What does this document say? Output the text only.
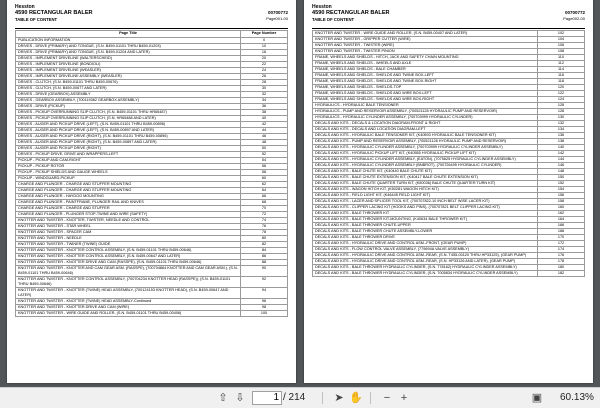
Hesston
4590 RECTANGULAR BALER
TABLE OF CONTENT
00700772
Page001-00
Page Title	Page Number
PUBLICATION INFORMATION	0
DRIVES - DRIVE (PRIMARY) AND TONGUE, (S.N. B459-01101 THRU B459-01203)	10
DRIVES - DRIVE (PRIMARY) AND TONGUE, (S.N. B459-01204 AND LATER)	16
DRIVES - IMPLEMENT DRIVELINE (WALTERSCHEID)	20
DRIVES - IMPLEMENT DRIVELINE (BONDIOLI)	22
DRIVES - IMPLEMENT DRIVELINE (WEASLER)	24
DRIVES - IMPLEMENT DRIVELINE ASSEMBLY (WEASLER)	26
DRIVES - CLUTCH, (S.N. B459-01101 THRU B459-00676)	28
DRIVES - CLUTCH, (S.N. B459-00677 AND LATER)	30
DRIVES - DRIVE (GEARBOX) ASSEMBLY	32
DRIVES - GEARBOX ASSEMBLY, (700119362 GEARBOX ASSEMBLY)	34
DRIVES - DRIVE (PICKUP)	36
DRIVES - PICKUP OVERRUNNING SLIP CLUTCH, (S.N. B459-01101 THRU HR65487)	38
DRIVES - PICKUP OVERRUNNING SLIP CLUTCH, (S.N. HR65488 AND LATER)	40
DRIVES - AUGER AND PICKUP DRIVE (LEFT), (S.N. B459-01101 THRU B459-00896)	42
DRIVES - AUGER AND PICKUP DRIVE (LEFT), (S.N. B459-00897 AND LATER)	44
DRIVES - AUGER AND PICKUP DRIVE (RIGHT), (S.N. B459-01101 THRU B459-00896)	46
DRIVES - AUGER AND PICKUP DRIVE (RIGHT), (S.N. B459-00897 AND LATER)	48
DRIVES - AUGER AND PICKUP DRIVE (RIGHT)	50
DRIVES - PICKUP DRIVE, DRIVE AND WRAPPERS-LEFT	52
PICKUP - PICKUP AND CAM-RIGHT	54
PICKUP - PICKUP ROTOR	56
PICKUP - PICKUP SHIELDS AND GAUGE WHEELS	58
PICKUP - WINDGUARD-PICKUP	60
CHARGE AND PLUNGER - CHARGE AND STUFFER MOUNTING	62
CHARGE AND PLUNGER - CHARGE AND STUFFER MOUNTING	64
CHARGE AND PLUNGER - HAYDOG MOUNTING	66
CHARGE AND PLUNGER - PAINTFRAME, PLUNGER RAIL AND KNIVES	68
CHARGE AND PLUNGER - CHARGE AND STUFFER	70
CHARGE AND PLUNGER - PLUNGER STOP-TWINE AND WIRE (SAFETY)	72
KNOTTER AND TWISTER - KNOTTER, TWISTER, NEEDLE AND CONTROL	74
KNOTTER AND TWISTER - STAR WHEEL	76
KNOTTER AND TWISTER - SPACER CAM	78
KNOTTER AND TWISTER - NEEDLE	80
KNOTTER AND TWISTER - TWINER (TWINE) GUIDE	82
KNOTTER AND TWISTER - KNOTTER CONTROL ASSEMBLY, (S.N. B459-01101 THRU B459-00646)	84
KNOTTER AND TWISTER - KNOTTER CONTROL ASSEMBLY, (S.N. B459-00647 AND LATER)	86
KNOTTER AND TWISTER - KNOTTER DRIVE AND CAM (RASSPE), (S.N. B459-01101 THRU B459-00646)	88
KNOTTER AND TWISTER - KNOTTER AND CAM GEAR ASM. (RASSPE), (700704864 KNOTTER AND CAM GEAR ASM.), (S.N. B459-01101 THRU B459-00646)	90
KNOTTER AND TWISTER - KNOTTER CONTROL ASSEMBLY, (700704234 KNOTTER HEAD (RASSPE)), (S.N. B459-01101 THRU B459-00646)	92
KNOTTER AND TWISTER - KNOTTER (TWINE) HEAD ASSEMBLY, (700124153 KNOTTER HEAD), (S.N. B459-00647 AND LATER)	94
KNOTTER AND TWISTER - KNOTTER (TWINE) HEAD ASSEMBLY-Continued	96
KNOTTER AND TWISTER - KNOTTER DRIVE AND CAM (WIRE)	98
KNOTTER AND TWISTER - WIRE GUIDE AND ROLLER, (S.N. B459-01101 THRU B459-00406)	100
Hesston
4590 RECTANGULAR BALER
TABLE OF CONTENT
00700772
Page002-00
KNOTTER AND TWISTER - WIRE GUIDE AND ROLLER, (S.N. B459-00407 AND LATER)	102
KNOTTER AND TWISTER - GRIPPER CUTTER (WIRE)	104
KNOTTER AND TWISTER - TWISTER (WIRE)	106
KNOTTER AND TWISTER - TWISTER PINION	108
FRAME, WHEELS AND SHIELDS - HITCH, JACK AND SAFETY CHAIN MOUNTING	110
FRAME, WHEELS AND SHIELDS - WHEELS AND AXLE	112
FRAME, WHEELS AND SHIELDS - BALE CHAMBER	114
FRAME, WHEELS AND SHIELDS - SHIELDS AND TWINE BOX-LEFT	116
FRAME, WHEELS AND SHIELDS - SHIELDS AND TWINE BOX-RIGHT	118
FRAME, WHEELS AND SHIELDS - SHIELDS-TOP	120
FRAME, WHEELS AND SHIELDS - SHIELDS AND WIRE BOX-LEFT	122
FRAME, WHEELS AND SHIELDS - SHIELDS AND WIRE BOX-RIGHT	124
HYDRAULICS - HYDRAULIC BALE TENSIONER	126
HYDRAULICS - PUMP AND RESERVOIR ASSEMBLY, (700521128 HYDRAULIC PUMP AND RESERVOIR)	128
HYDRAULICS - HYDRAULIC CYLINDER ASSEMBLY, (700703999 HYDRAULIC CYLINDER)	130
DECALS AND KITS - DECALS & LOCATION DIAGRAM-FRONT & RIGHT	132
DECALS AND KITS - DECALS AND LOCATION DIAGRAM-LEFT	134
DECALS AND KITS - HYDRAULIC BALE TENSIONER KIT, (K40593 HYDRAULIC BALE TENSIONER KIT)	136
DECALS AND KITS - PUMP AND RESERVOIR ASSEMBLY, (700521128 HYDRAULIC PUMP AND RESERVOIR)	138
DECALS AND KITS - HYDRAULIC CYLINDER ASSEMBLY, (700703999 HYDRAULIC CYLINDER ASSEMBLY)	140
DECALS AND KITS - HYDRAULIC PICKUP LIFT KIT, (K40555 HYDRAULIC PICKUP LIFT KIT)	142
DECALS AND KITS - HYDRAULIC CYLINDER ASSEMBLY, (EATON), (7075625 HYDRAULIC CYLINDER ASSEMBLY)	144
DECALS AND KITS - HYDRAULIC CYLINDER ASSEMBLY (BNBROT), (700726495 HYDRAULIC CYLINDER)	146
DECALS AND KITS - BALE CHUTE KIT, (K40440 BALE CHUTE KIT)	148
DECALS AND KITS - BALE CHUTE EXTENSION KIT, (K40417 BALE CHUTE EXTENSION KIT)	150
DECALS AND KITS - BALE CHUTE QUARTER TURN KIT, (K50036) BALE CHUTE QUARTER TURN KIT)	152
DECALS AND KITS - WAGON HITCH KIT, (K50281 WAGON HITCH KIT)	154
DECALS AND KITS - FIELD LIGHT KIT, (K46445 FIELD LIGHT KIT)	156
DECALS AND KITS - LACER AND SPLICER TOOL KIT, (700707822-10 INCH BELT WISE LACER KIT)	158
DECALS AND KITS - CLIPPER LACING KIT (HOOKS AND PINS), (700707821 BELT CLIPPER LACING KIT)	160
DECALS AND KITS - BALE THROWER KIT	162
DECALS AND KITS - BALE THROWER KIT-MOUNTING, (K40634 BALE THROWER KIT)	164
DECALS AND KITS - BALE THROWER CHUTE-UPPER	166
DECALS AND KITS - BALE THROWER CHUTE ASSEMBLY-LOWER	168
DECALS AND KITS - BALE THROWER DRIVE	170
DECALS AND KITS - HYDRAULIC DRIVE AND CONTROL ASM.-FRONT, (GEAR PUMP)	172
DECALS AND KITS - FLOW CONTROL VALVE ASSEMBLY, (779694A VALVE ASSEMBLY)	174
DECALS AND KITS - HYDRAULIC DRIVE AND CONTROL ASM.-REAR, (S.N. T455-00120 THRU HP33125), (GEAR PUMP)	176
DECALS AND KITS - HYDRAULIC DRIVE AND CONTROL ASM.-REAR, (S.N. HP33126 AND LATER), (GEAR PUMP)	178
DECALS AND KITS - BALE THROWER HYDRAULIC CYLINDER, (S.N. 778162) HYDRAULIC CYLINDER ASSEMBLY)	180
DECALS AND KITS - BALE THROWER HYDRAULIC CYLINDER, (S.N. 7005834 HYDRAULIC CYLINDER ASSEMBLY)	182
⇧ ⇩	1 / 214	➤ ✋	− +	▣ 60.13%
